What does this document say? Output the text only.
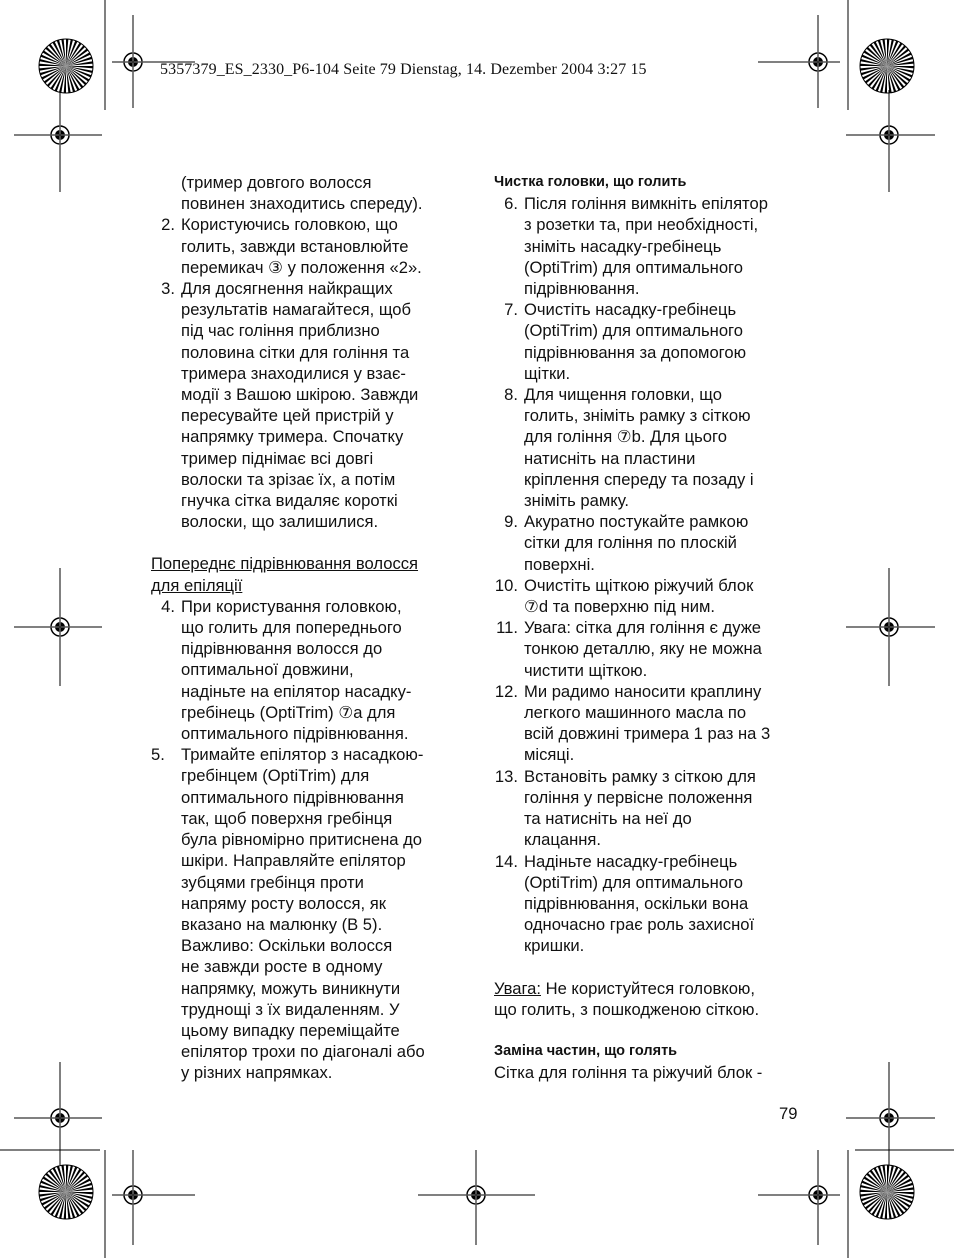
5357379_ES_2330_P6-104 Seite 79 Dienstag, 14. Dezember 2004 3:27 15
(тример довгого волосся
повинен знаходитись спереду).
2. Користуючись головкою, що
голить, завжди встановлюйте
перемикач ③ у положення «2».
3. Для досягнення найкращих
результатів намагайтеся, щоб
під час гоління приблизно
половина сітки для гоління та
тримера знаходилися у взає-
модії з Вашою шкірою. Завжди
пересувайте цей пристрій у
напрямку тримера. Спочатку
тример піднімає всі довгі
волоски та зрізає їх, а потім
гнучка сітка видаляє короткі
волоски, що залишилися.
Попереднє підрівнювання волосся
для епіляції
4. При користування головкою,
що голить для попереднього
підрівнювання волосся до
оптимальної довжини,
надіньте на епілятор насадку-
гребінець (OptiTrim) ⑦a для
оптимального підрівнювання.
5. Тримайте епілятор з насадкою-
гребінцем (OptiTrim) для
оптимального підрівнювання
так, щоб поверхня гребінця
була рівномірно притиснена до
шкіри. Направляйте епілятор
зубцями гребінця проти
напряму росту волосся, як
вказано на малюнку (В 5).
Важливо: Оскільки волосся
не завжди росте в одному
напрямку, можуть виникнути
труднощі з їх видаленням. У
цьому випадку переміщайте
епілятор трохи по діагоналі або
у різних напрямках.
Чистка головки, що голить
6. Після гоління вимкніть епілятор
з розетки та, при необхідності,
зніміть насадку-гребінець
(OptiTrim) для оптимального
підрівнювання.
7. Очистіть насадку-гребінець
(OptiTrim) для оптимального
підрівнювання за допомогою
щітки.
8. Для чищення головки, що
голить, зніміть рамку з сіткою
для гоління ⑦b. Для цього
натисніть на пластини
кріплення спереду та позаду і
зніміть рамку.
9. Акуратно постукайте рамкою
сітки для гоління по плоскій
поверхні.
10. Очистіть щіткою ріжучий блок
⑦d та поверхню під ним.
11. Увага: сітка для гоління є дуже
тонкою деталлю, яку не можна
чистити щіткою.
12. Ми радимо наносити краплину
легкого машинного масла по
всій довжині тримера 1 раз на 3
місяці.
13. Встановіть рамку з сіткою для
гоління у первісне положення
та натисніть на неї до
клацання.
14. Надіньте насадку-гребінець
(OptiTrim) для оптимального
підрівнювання, оскільки вона
одночасно грає роль захисної
кришки.
Увага: Не користуйтеся головкою,
що голить, з пошкодженою сіткою.
Заміна частин, що голять
Сітка для гоління та ріжучий блок -
79
